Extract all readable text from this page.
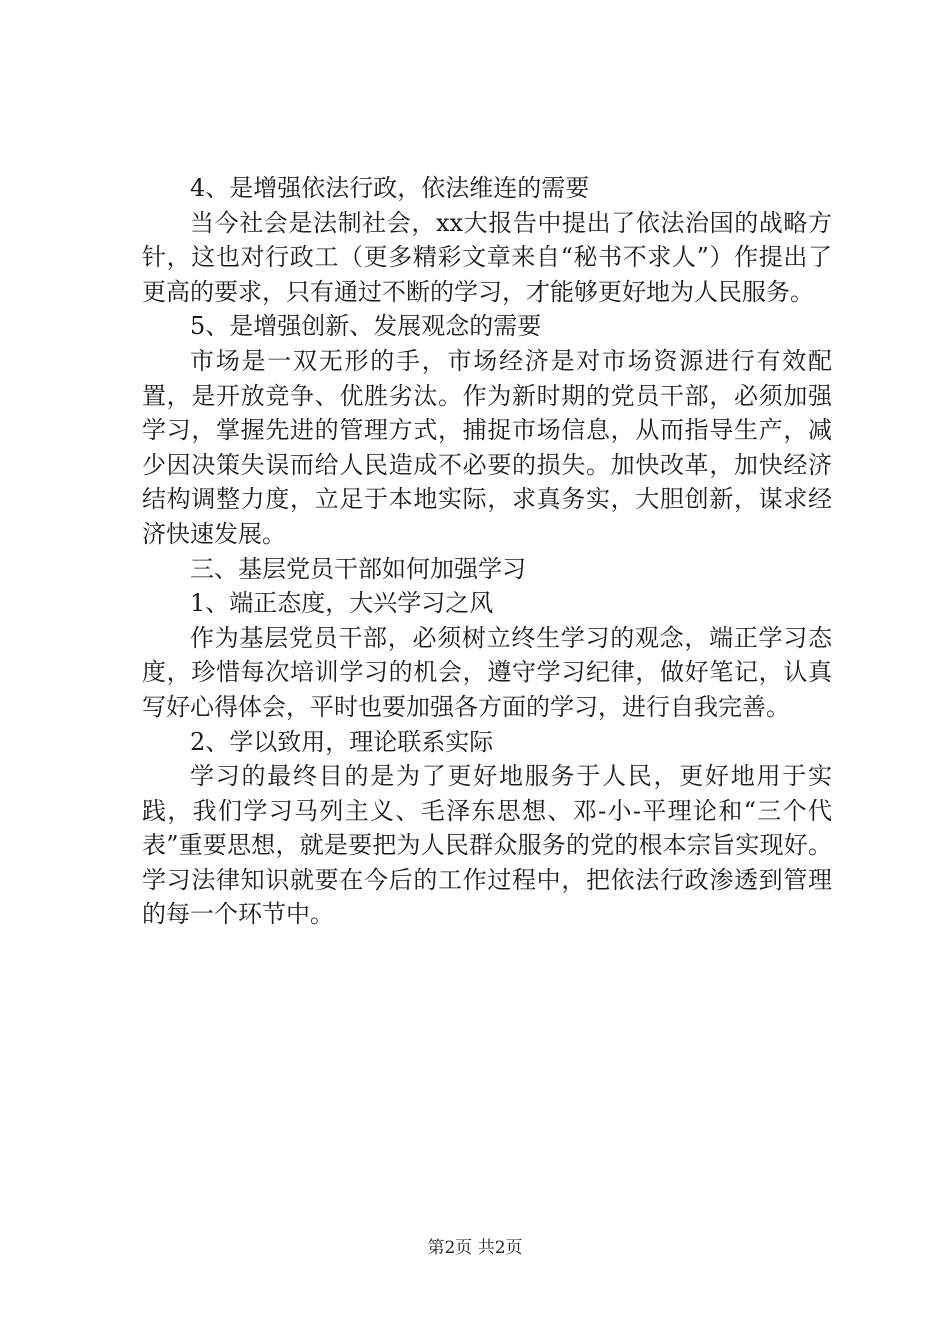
4、是增强依法行政，依法维连的需要

当今社会是法制社会，xx大报告中提出了依法治国的战略方针，这也对行政工（更多精彩文章来自“秘书不求人”）作提出了更高的要求，只有通过不断的学习，才能够更好地为人民服务。

5、是增强创新、发展观念的需要

市场是一双无形的手，市场经济是对市场资源进行有效配置，是开放竞争、优胜劣汰。作为新时期的党员干部，必须加强学习，掌握先进的管理方式，捕捉市场信息，从而指导生产，减少因决策失误而给人民造成不必要的损失。加快改革，加快经济结构调整力度，立足于本地实际，求真务实，大胆创新，谋求经济快速发展。

三、基层党员干部如何加强学习

1、端正态度，大兴学习之风

作为基层党员干部，必须树立终生学习的观念，端正学习态度，珍惜每次培训学习的机会，遵守学习纪律，做好笔记，认真写好心得体会，平时也要加强各方面的学习，进行自我完善。

2、学以致用，理论联系实际

学习的最终目的是为了更好地服务于人民，更好地用于实践，我们学习马列主义、毛泽东思想、邓-小-平理论和“三个代表”重要思想，就是要把为人民群众服务的党的根本宗旨实现好。学习法律知识就要在今后的工作过程中，把依法行政渗透到管理的每一个环节中。

第2页 共2页
